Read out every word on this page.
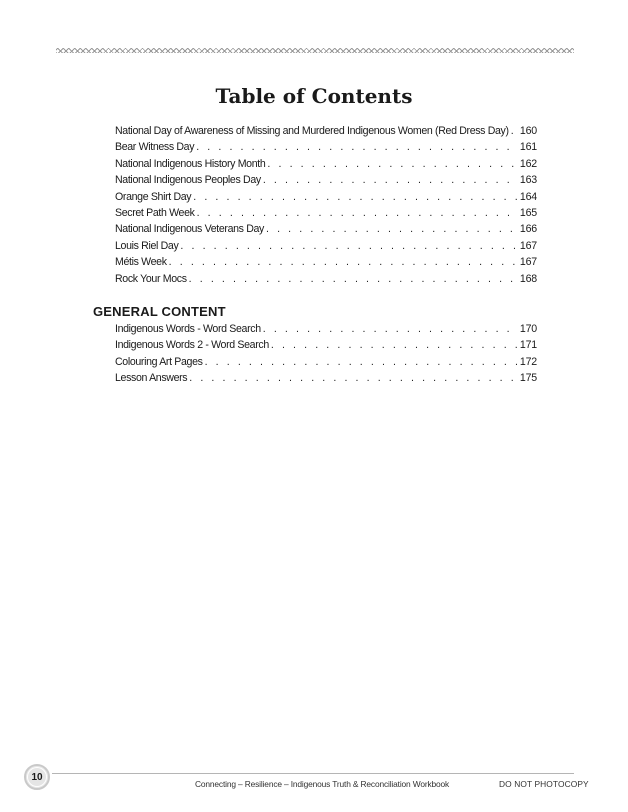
Table of Contents
National Day of Awareness of Missing and Murdered Indigenous Women (Red Dress Day) . . . 160
Bear Witness Day . . .	161
National Indigenous History Month . . .	162
National Indigenous Peoples Day . . .	163
Orange Shirt Day . . .	164
Secret Path Week . . .	165
National Indigenous Veterans Day . . .	166
Louis Riel Day . . .	167
Métis Week . . .	167
Rock Your Mocs . . .	168
GENERAL CONTENT
Indigenous Words - Word Search . . .	170
Indigenous Words 2 - Word Search . . .	171
Colouring Art Pages . . .	172
Lesson Answers . . .	175
10
Connecting – Resilience – Indigenous Truth & Reconciliation Workbook	DO NOT PHOTOCOPY
